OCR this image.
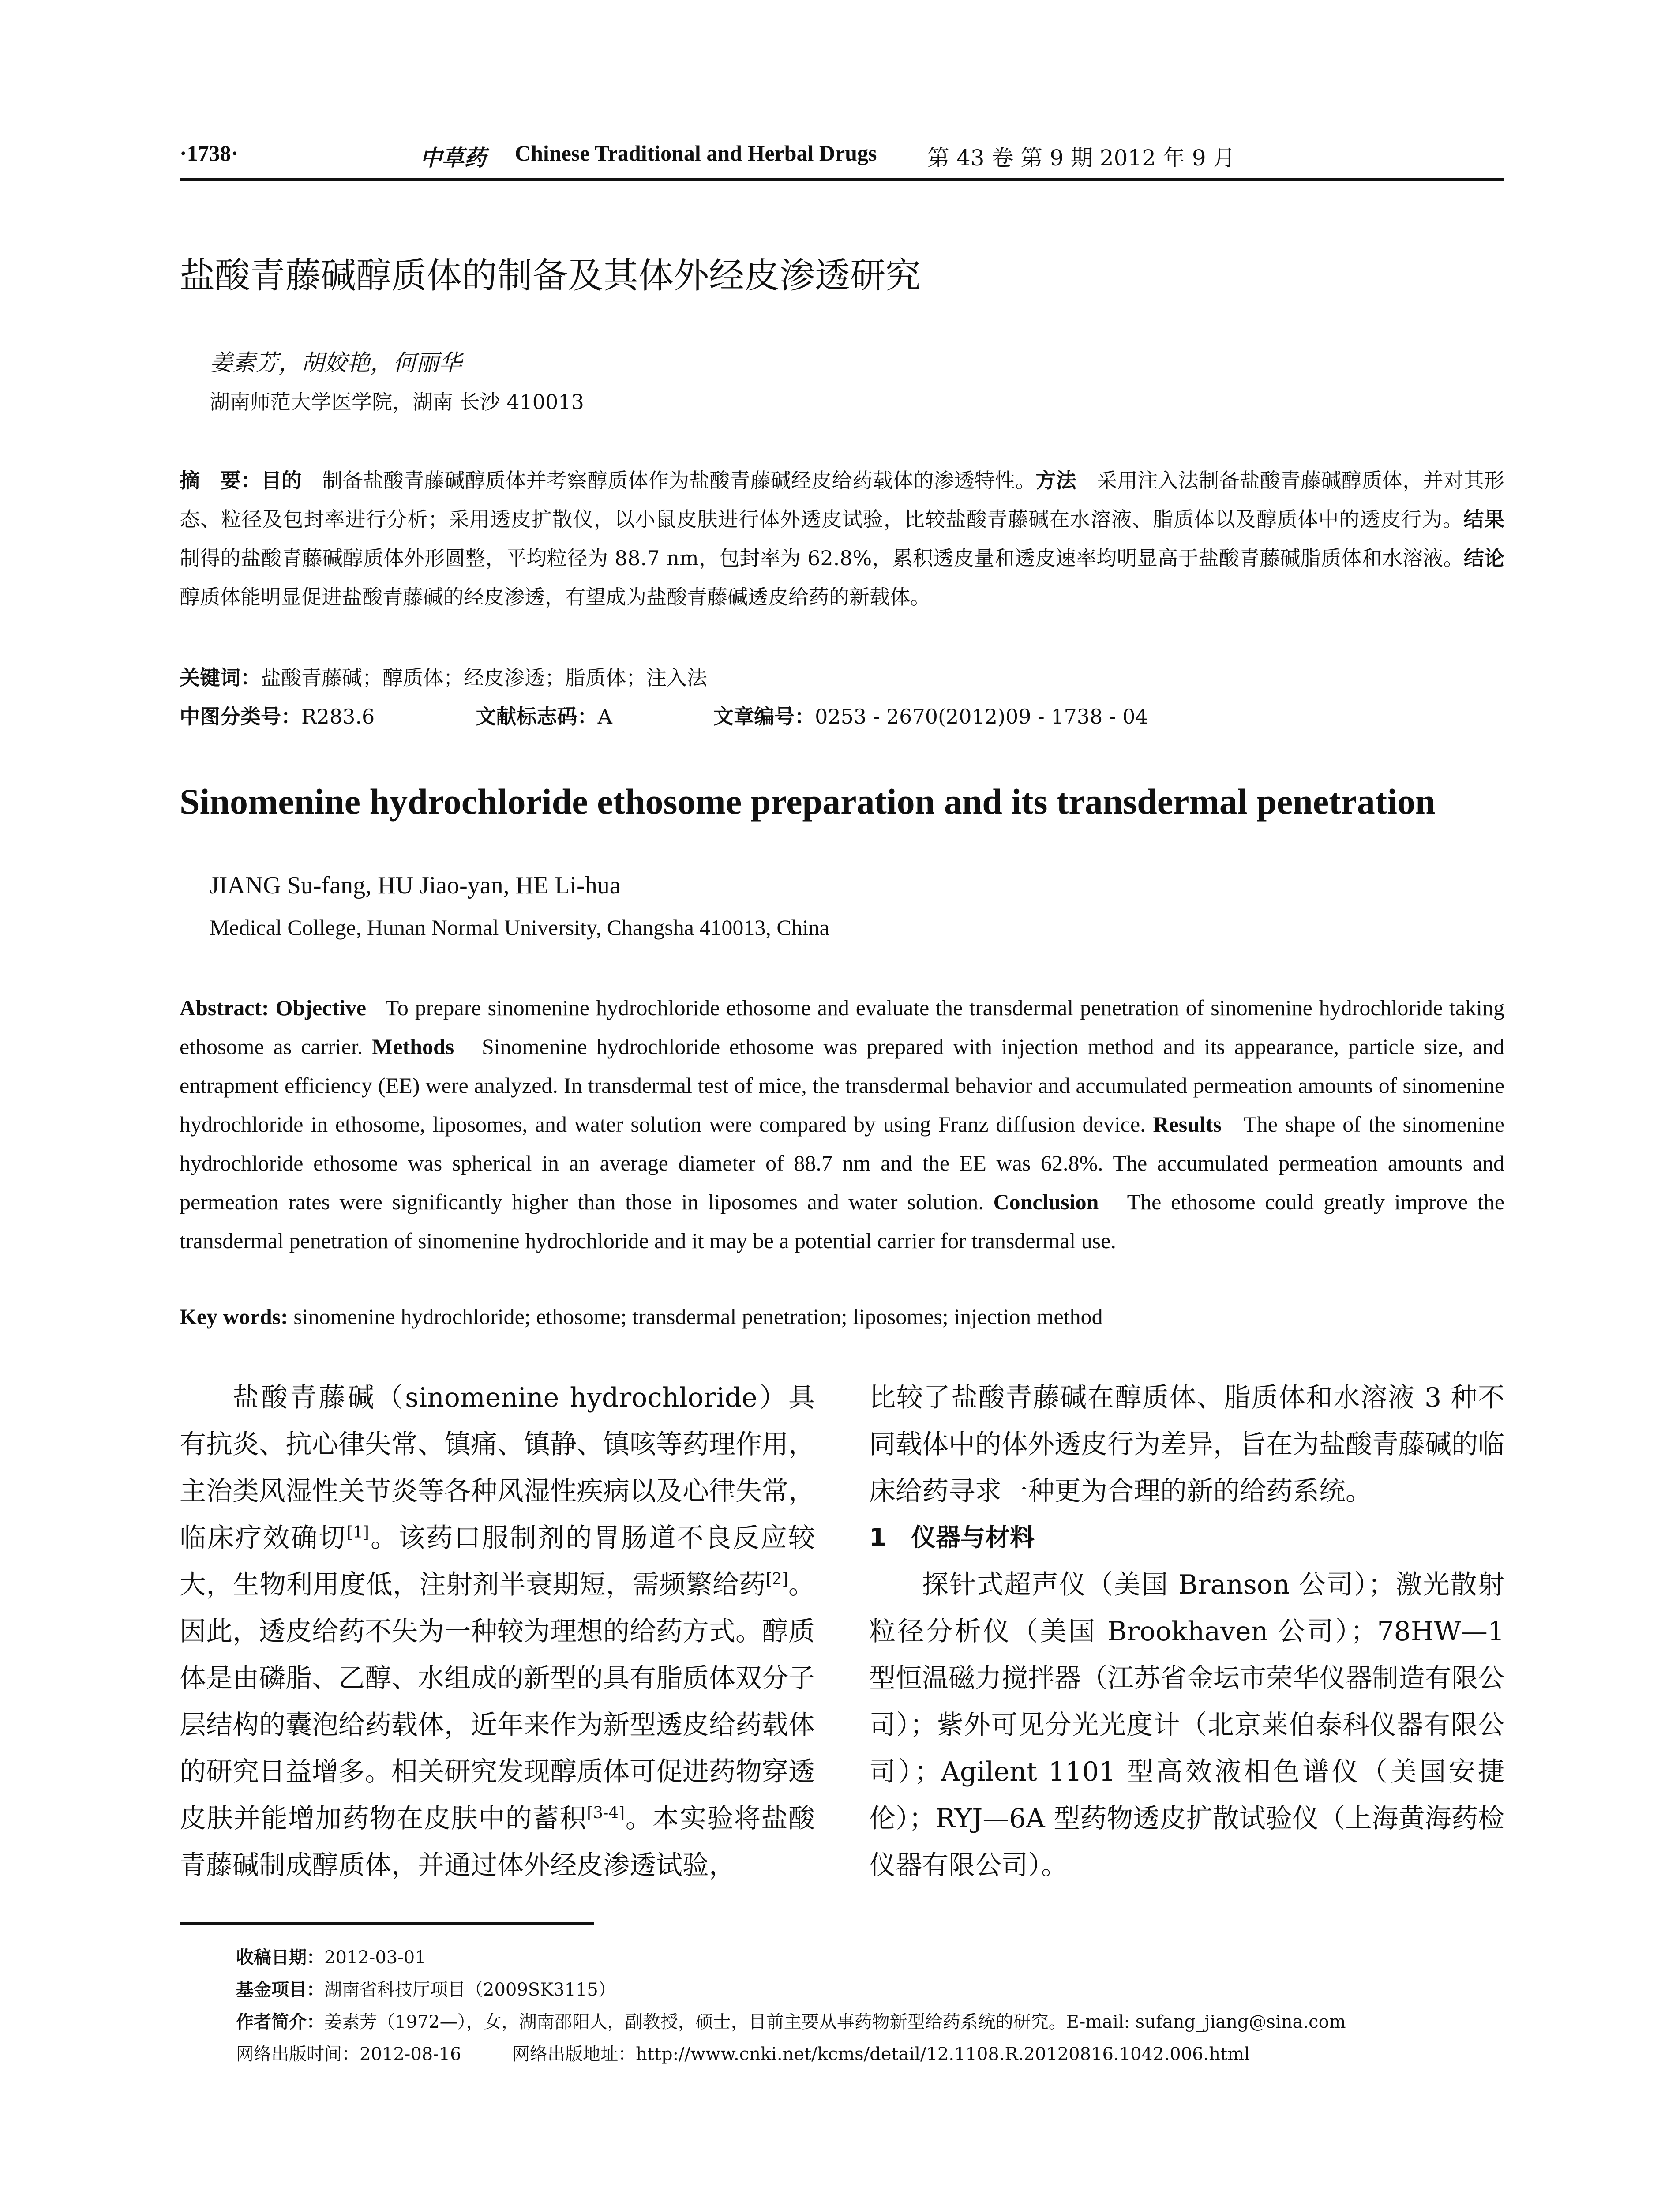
·1738·	中草药 Chinese Traditional and Herbal Drugs 第 43 卷 第 9 期 2012 年 9 月
盐酸青藤碱醇质体的制备及其体外经皮渗透研究
姜素芳，胡姣艳，何丽华
湖南师范大学医学院，湖南 长沙 410013
摘　要：目的　 制备盐酸青藤碱醇质体并考察醇质体作为盐酸青藤碱经皮给药载体的渗透特性。方法　 采用注入法制备盐酸青藤碱醇质体，并对其形态、粒径及包封率进行分析；采用透皮扩散仪，以小鼠皮肤进行体外透皮试验，比较盐酸青藤碱在水溶液、脂质体以及醇质体中的透皮行为。结果　制得的盐酸青藤碱醇质体外形圆整，平均粒径为 88.7 nm，包封率为 62.8%，累积透皮量和透皮速率均明显高于盐酸青藤碱脂质体和水溶液。结论　醇质体能明显促进盐酸青藤碱的经皮渗透，有望成为盐酸青藤碱透皮给药的新载体。
关键词：盐酸青藤碱；醇质体；经皮渗透；脂质体；注入法
中图分类号：R283.6	文献标志码：A	文章编号：0253 - 2670(2012)09 - 1738 - 04
Sinomenine hydrochloride ethosome preparation and its transdermal penetration
JIANG Su-fang, HU Jiao-yan, HE Li-hua
Medical College, Hunan Normal University, Changsha 410013, China
Abstract: Objective To prepare sinomenine hydrochloride ethosome and evaluate the transdermal penetration of sinomenine hydrochloride taking ethosome as carrier. Methods Sinomenine hydrochloride ethosome was prepared with injection method and its appearance, particle size, and entrapment efficiency (EE) were analyzed. In transdermal test of mice, the transdermal behavior and accumulated permeation amounts of sinomenine hydrochloride in ethosome, liposomes, and water solution were compared by using Franz diffusion device. Results The shape of the sinomenine hydrochloride ethosome was spherical in an average diameter of 88.7 nm and the EE was 62.8%. The accumulated permeation amounts and permeation rates were significantly higher than those in liposomes and water solution. Conclusion The ethosome could greatly improve the transdermal penetration of sinomenine hydrochloride and it may be a potential carrier for transdermal use.
Key words: sinomenine hydrochloride; ethosome; transdermal penetration; liposomes; injection method

盐酸青藤碱（sinomenine hydrochloride）具有抗炎、抗心律失常、镇痛、镇静、镇咳等药理作用，主治类风湿性关节炎等各种风湿性疾病以及心律失常，临床疗效确切[1]。该药口服制剂的胃肠道不良反应较大，生物利用度低，注射剂半衰期短，需频繁给药[2]。因此，透皮给药不失为一种较为理想的给药方式。醇质体是由磷脂、乙醇、水组成的新型的具有脂质体双分子层结构的囊泡给药载体，近年来作为新型透皮给药载体的研究日益增多。相关研究发现醇质体可促进药物穿透皮肤并能增加药物在皮肤中的蓄积[3-4]。本实验将盐酸青藤碱制成醇质体，并通过体外经皮渗透试验，

比较了盐酸青藤碱在醇质体、脂质体和水溶液 3 种不同载体中的体外透皮行为差异，旨在为盐酸青藤碱的临床给药寻求一种更为合理的新的给药系统。
1　仪器与材料

探针式超声仪（美国 Branson 公司）；激光散射粒径分析仪（美国 Brookhaven 公司）；78HW—1 型恒温磁力搅拌器（江苏省金坛市荣华仪器制造有限公司）；紫外可见分光光度计（北京莱伯泰科仪器有限公司）；Agilent 1101 型高效液相色谱仪（美国安捷伦）；RYJ—6A 型药物透皮扩散试验仪（上海黄海药检仪器有限公司）。

收稿日期：2012-03-01
基金项目：湖南省科技厅项目（2009SK3115）
作者简介：姜素芳（1972—），女，湖南邵阳人，副教授，硕士，目前主要从事药物新型给药系统的研究。E-mail: sufang_jiang@sina.com
网络出版时间：2012-08-16	网络出版地址：http://www.cnki.net/kcms/detail/12.1108.R.20120816.1042.006.html
